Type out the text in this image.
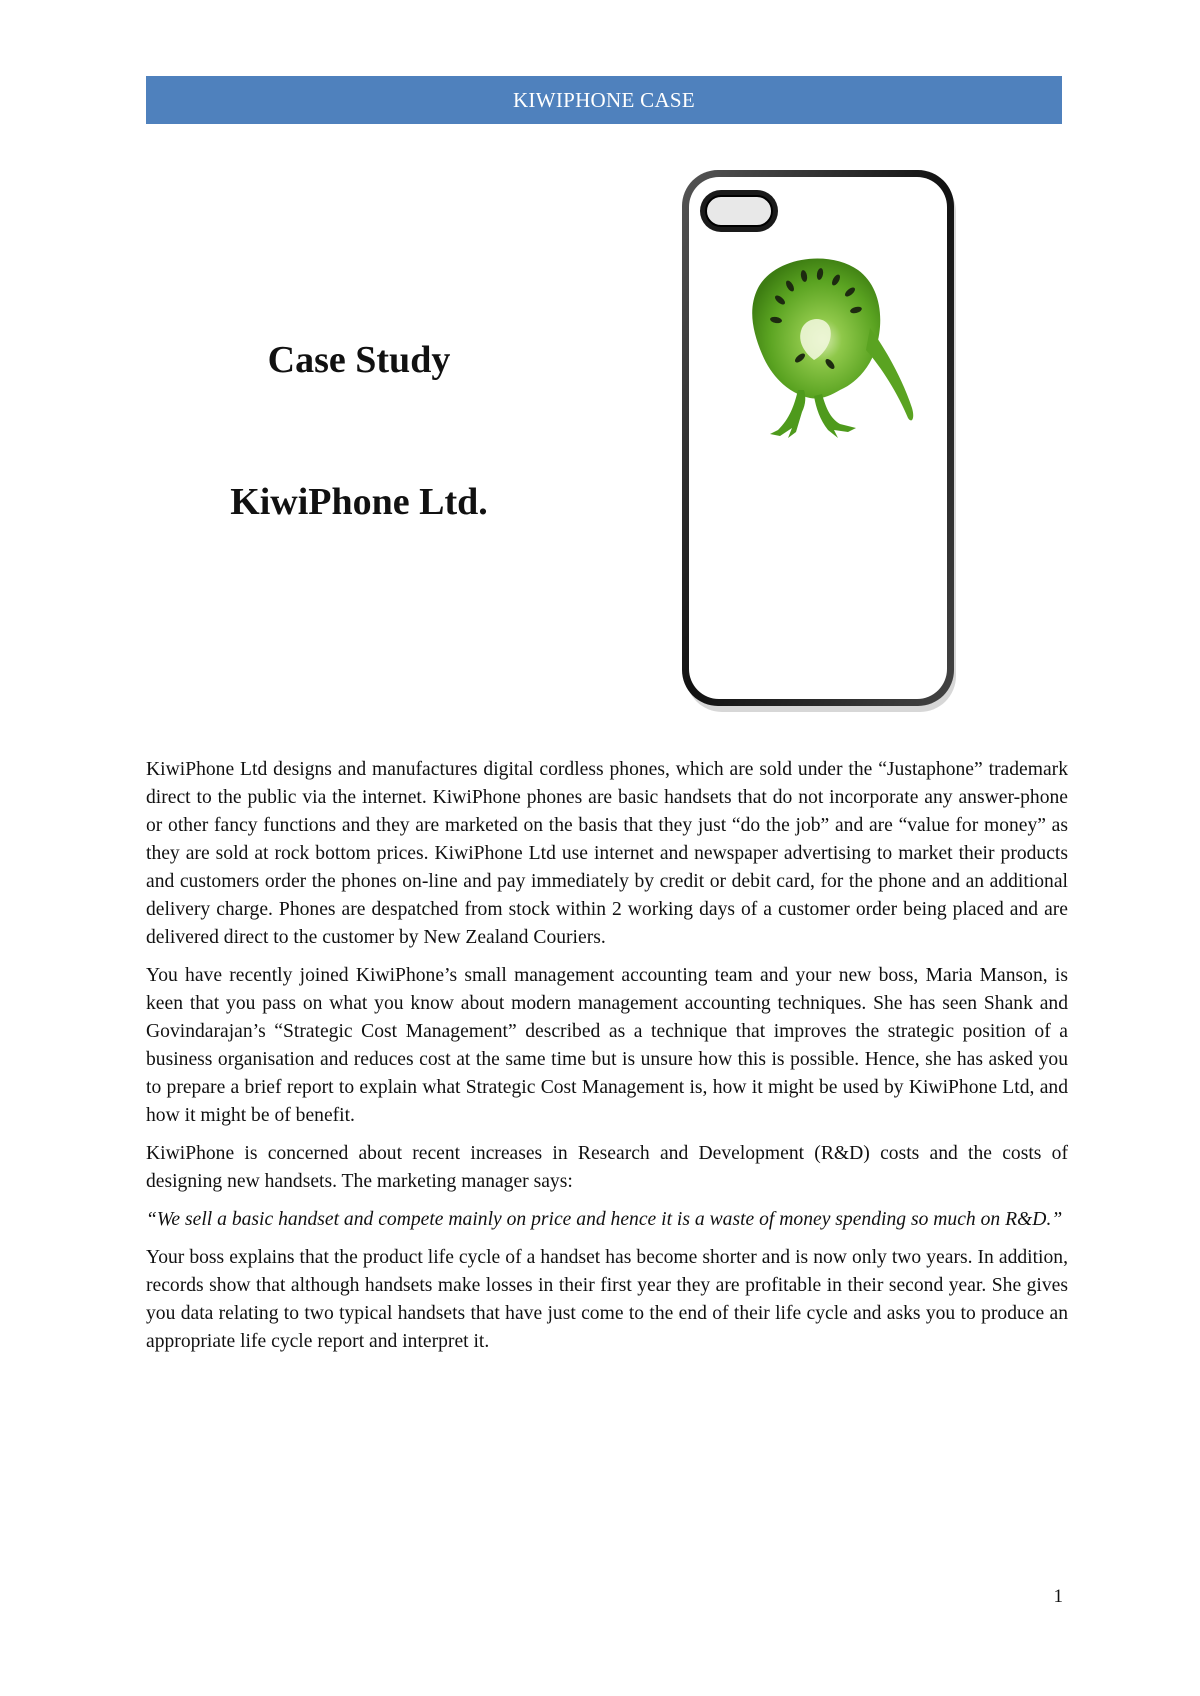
KIWIPHONE CASE
Case Study
KiwiPhone Ltd.

KiwiPhone Ltd designs and manufactures digital cordless phones, which are sold under the “Justaphone” trademark direct to the public via the internet. KiwiPhone phones are basic handsets that do not incorporate any answer-phone or other fancy functions and they are marketed on the basis that they just “do the job” and are “value for money” as they are sold at rock bottom prices. KiwiPhone Ltd use internet and newspaper advertising to market their products and customers order the phones on-line and pay immediately by credit or debit card, for the phone and an additional delivery charge. Phones are despatched from stock within 2 working days of a customer order being placed and are delivered direct to the customer by New Zealand Couriers.

You have recently joined KiwiPhone’s small management accounting team and your new boss, Maria Manson, is keen that you pass on what you know about modern management accounting techniques. She has seen Shank and Govindarajan’s “Strategic Cost Management” described as a technique that improves the strategic position of a business organisation and reduces cost at the same time but is unsure how this is possible. Hence, she has asked you to prepare a brief report to explain what Strategic Cost Management is, how it might be used by KiwiPhone Ltd, and how it might be of benefit.

KiwiPhone is concerned about recent increases in Research and Development (R&D) costs and the costs of designing new handsets. The marketing manager says:

“We sell a basic handset and compete mainly on price and hence it is a waste of money spending so much on R&D.”

Your boss explains that the product life cycle of a handset has become shorter and is now only two years. In addition, records show that although handsets make losses in their first year they are profitable in their second year. She gives you data relating to two typical handsets that have just come to the end of their life cycle and asks you to produce an appropriate life cycle report and interpret it.

1
